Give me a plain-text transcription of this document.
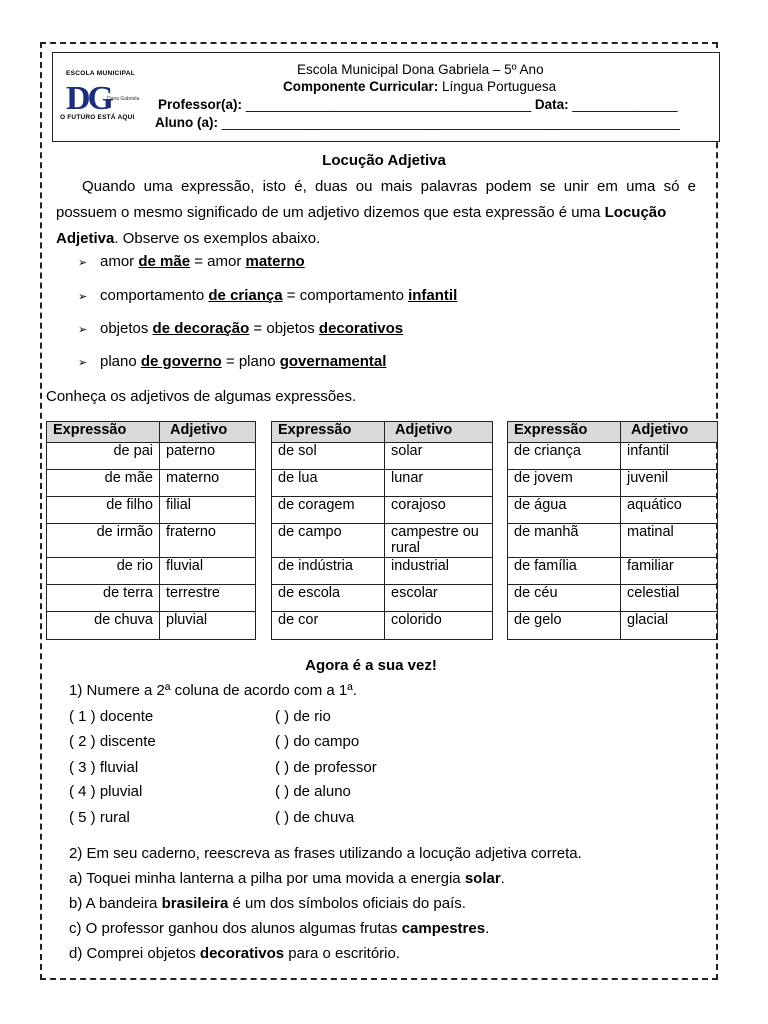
ESCOLA MUNICIPAL
DG
Dona Gabriela
O FUTURO ESTÁ AQUI
Escola Municipal Dona Gabriela – 5º Ano
Componente Curricular: Língua Portuguesa
Professor(a): ______________________________________ Data: ______________
Aluno (a): _____________________________________________________________
Locução Adjetiva
Quando uma expressão, isto é, duas ou mais palavras podem se unir em uma só e
possuem o mesmo significado de um adjetivo dizemos que esta expressão é uma Locução
Adjetiva. Observe os exemplos abaixo.
➢ amor de mãe = amor materno
➢ comportamento de criança = comportamento infantil
➢ objetos de decoração = objetos decorativos
➢ plano de governo = plano governamental
Conheça os adjetivos de algumas expressões.
Expressão	Adjetivo
de pai	paterno
de mãe	materno
de filho	filial
de irmão	fraterno
de rio	fluvial
de terra	terrestre
de chuva	pluvial
Expressão	Adjetivo
de sol	solar
de lua	lunar
de coragem	corajoso
de campo	campestre ou rural
de indústria	industrial
de escola	escolar
de cor	colorido
Expressão	Adjetivo
de criança	infantil
de jovem	juvenil
de água	aquático
de manhã	matinal
de família	familiar
de céu	celestial
de gelo	glacial
Agora é a sua vez!
1) Numere a 2ª coluna de acordo com a 1ª.
( 1 ) docente
( 2 ) discente
( 3 ) fluvial
( 4 ) pluvial
( 5 ) rural
( ) de rio
( ) do campo
( ) de professor
( ) de aluno
( ) de chuva
2) Em seu caderno, reescreva as frases utilizando a locução adjetiva correta.
a) Toquei minha lanterna a pilha por uma movida a energia solar.
b) A bandeira brasileira é um dos símbolos oficiais do país.
c) O professor ganhou dos alunos algumas frutas campestres.
d) Comprei objetos decorativos para o escritório.
